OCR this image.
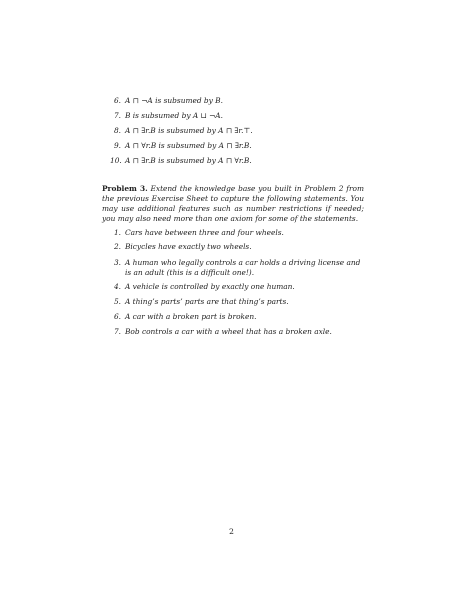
6. A ⊓ ¬A is subsumed by B.
7. B is subsumed by A ⊔ ¬A.
8. A ⊓ ∃r.B is subsumed by A ⊓ ∃r.⊤.
9. A ⊓ ∀r.B is subsumed by A ⊓ ∃r.B.
10. A ⊓ ∃r.B is subsumed by A ⊓ ∀r.B.
Problem 3. Extend the knowledge base you built in Problem 2 from the previous Exercise Sheet to capture the following statements. You may use additional features such as number restrictions if needed; you may also need more than one axiom for some of the statements.
1. Cars have between three and four wheels.
2. Bicycles have exactly two wheels.
3. A human who legally controls a car holds a driving license and is an adult (this is a difficult one!).
4. A vehicle is controlled by exactly one human.
5. A thing’s parts’ parts are that thing’s parts.
6. A car with a broken part is broken.
7. Bob controls a car with a wheel that has a broken axle.
2
